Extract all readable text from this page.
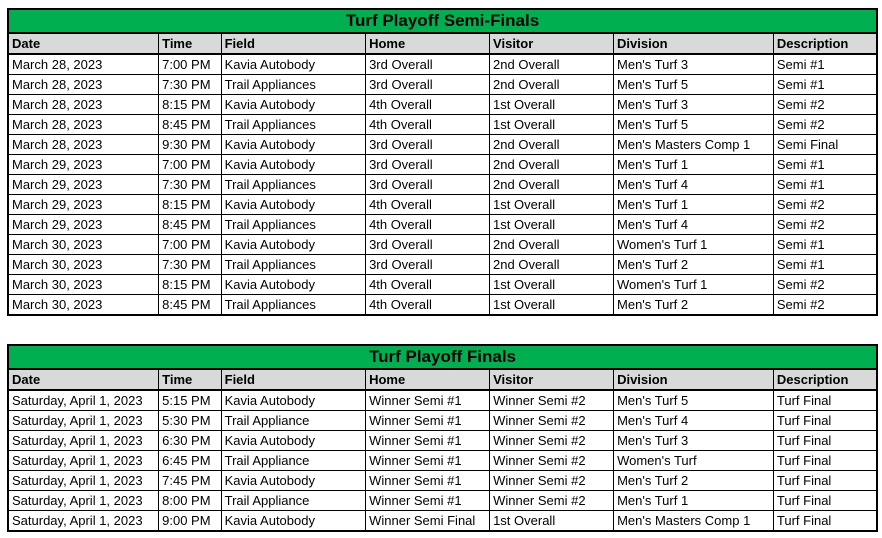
Turf Playoff Semi-Finals						
Date	Time	Field	Home	Visitor	Division	Description
March 28, 2023	7:00 PM	Kavia Autobody	3rd Overall	2nd Overall	Men's Turf 3	Semi #1
March 28, 2023	7:30 PM	Trail Appliances	3rd Overall	2nd Overall	Men's Turf 5	Semi #1
March 28, 2023	8:15 PM	Kavia Autobody	4th Overall	1st Overall	Men's Turf 3	Semi #2
March 28, 2023	8:45 PM	Trail Appliances	4th Overall	1st Overall	Men's Turf 5	Semi #2
March 28, 2023	9:30 PM	Kavia Autobody	3rd Overall	2nd Overall	Men's Masters Comp 1	Semi Final
March 29, 2023	7:00 PM	Kavia Autobody	3rd Overall	2nd Overall	Men's Turf 1	Semi #1
March 29, 2023	7:30 PM	Trail Appliances	3rd Overall	2nd Overall	Men's Turf 4	Semi #1
March 29, 2023	8:15 PM	Kavia Autobody	4th Overall	1st Overall	Men's Turf 1	Semi #2
March 29, 2023	8:45 PM	Trail Appliances	4th Overall	1st Overall	Men's Turf 4	Semi #2
March 30, 2023	7:00 PM	Kavia Autobody	3rd Overall	2nd Overall	Women's Turf 1	Semi #1
March 30, 2023	7:30 PM	Trail Appliances	3rd Overall	2nd Overall	Men's Turf 2	Semi #1
March 30, 2023	8:15 PM	Kavia Autobody	4th Overall	1st Overall	Women's Turf 1	Semi #2
March 30, 2023	8:45 PM	Trail Appliances	4th Overall	1st Overall	Men's Turf 2	Semi #2
Turf Playoff Finals						
Date	Time	Field	Home	Visitor	Division	Description
Saturday, April 1, 2023	5:15 PM	Kavia Autobody	Winner Semi #1	Winner Semi #2	Men's Turf 5	Turf Final
Saturday, April 1, 2023	5:30 PM	Trail Appliance	Winner Semi #1	Winner Semi #2	Men's Turf 4	Turf Final
Saturday, April 1, 2023	6:30 PM	Kavia Autobody	Winner Semi #1	Winner Semi #2	Men's Turf 3	Turf Final
Saturday, April 1, 2023	6:45 PM	Trail Appliance	Winner Semi #1	Winner Semi #2	Women's Turf	Turf Final
Saturday, April 1, 2023	7:45 PM	Kavia Autobody	Winner Semi #1	Winner Semi #2	Men's Turf 2	Turf Final
Saturday, April 1, 2023	8:00 PM	Trail Appliance	Winner Semi #1	Winner Semi #2	Men's Turf 1	Turf Final
Saturday, April 1, 2023	9:00 PM	Kavia Autobody	Winner Semi Final	1st Overall	Men's Masters Comp 1	Turf Final
